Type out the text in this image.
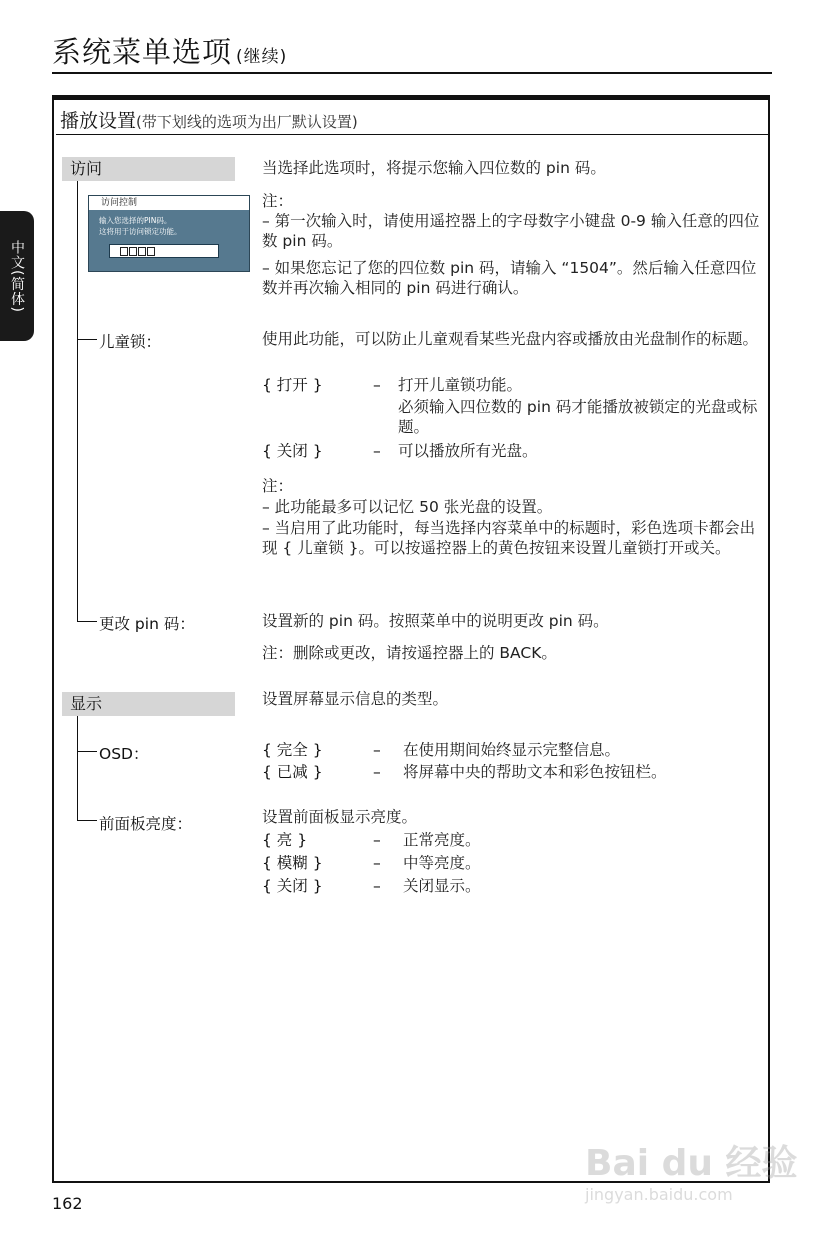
系统菜单选项 (继续)
中文(简体)
播放设置(带下划线的选项为出厂默认设置)
访问
访问控制
输入您选择的PIN码。
这将用于访问锁定功能。
当选择此选项时，将提示您输入四位数的 pin 码。
注：
– 第一次输入时，请使用遥控器上的字母数字小键盘 0-9 输入任意的四位数 pin 码。
– 如果您忘记了您的四位数 pin 码，请输入 “1504”。然后输入任意四位数并再次输入相同的 pin 码进行确认。
儿童锁：	使用此功能，可以防止儿童观看某些光盘内容或播放由光盘制作的标题。
{ 打开 }	– 打开儿童锁功能。
必须输入四位数的 pin 码才能播放被锁定的光盘或标题。
{ 关闭 }	– 可以播放所有光盘。
注：
– 此功能最多可以记忆 50 张光盘的设置。
– 当启用了此功能时，每当选择内容菜单中的标题时，彩色选项卡都会出现 { 儿童锁 }。可以按遥控器上的黄色按钮来设置儿童锁打开或关。
更改 pin 码：	设置新的 pin 码。按照菜单中的说明更改 pin 码。
注：删除或更改，请按遥控器上的 BACK。
显示	设置屏幕显示信息的类型。
OSD：	{ 完全 }	– 在使用期间始终显示完整信息。
{ 已减 }	– 将屏幕中央的帮助文本和彩色按钮栏。
前面板亮度：	设置前面板显示亮度。
{ 亮 }	– 正常亮度。
{ 模糊 }	– 中等亮度。
{ 关闭 }	– 关闭显示。
162
Bai du 经验
jingyan.baidu.com
